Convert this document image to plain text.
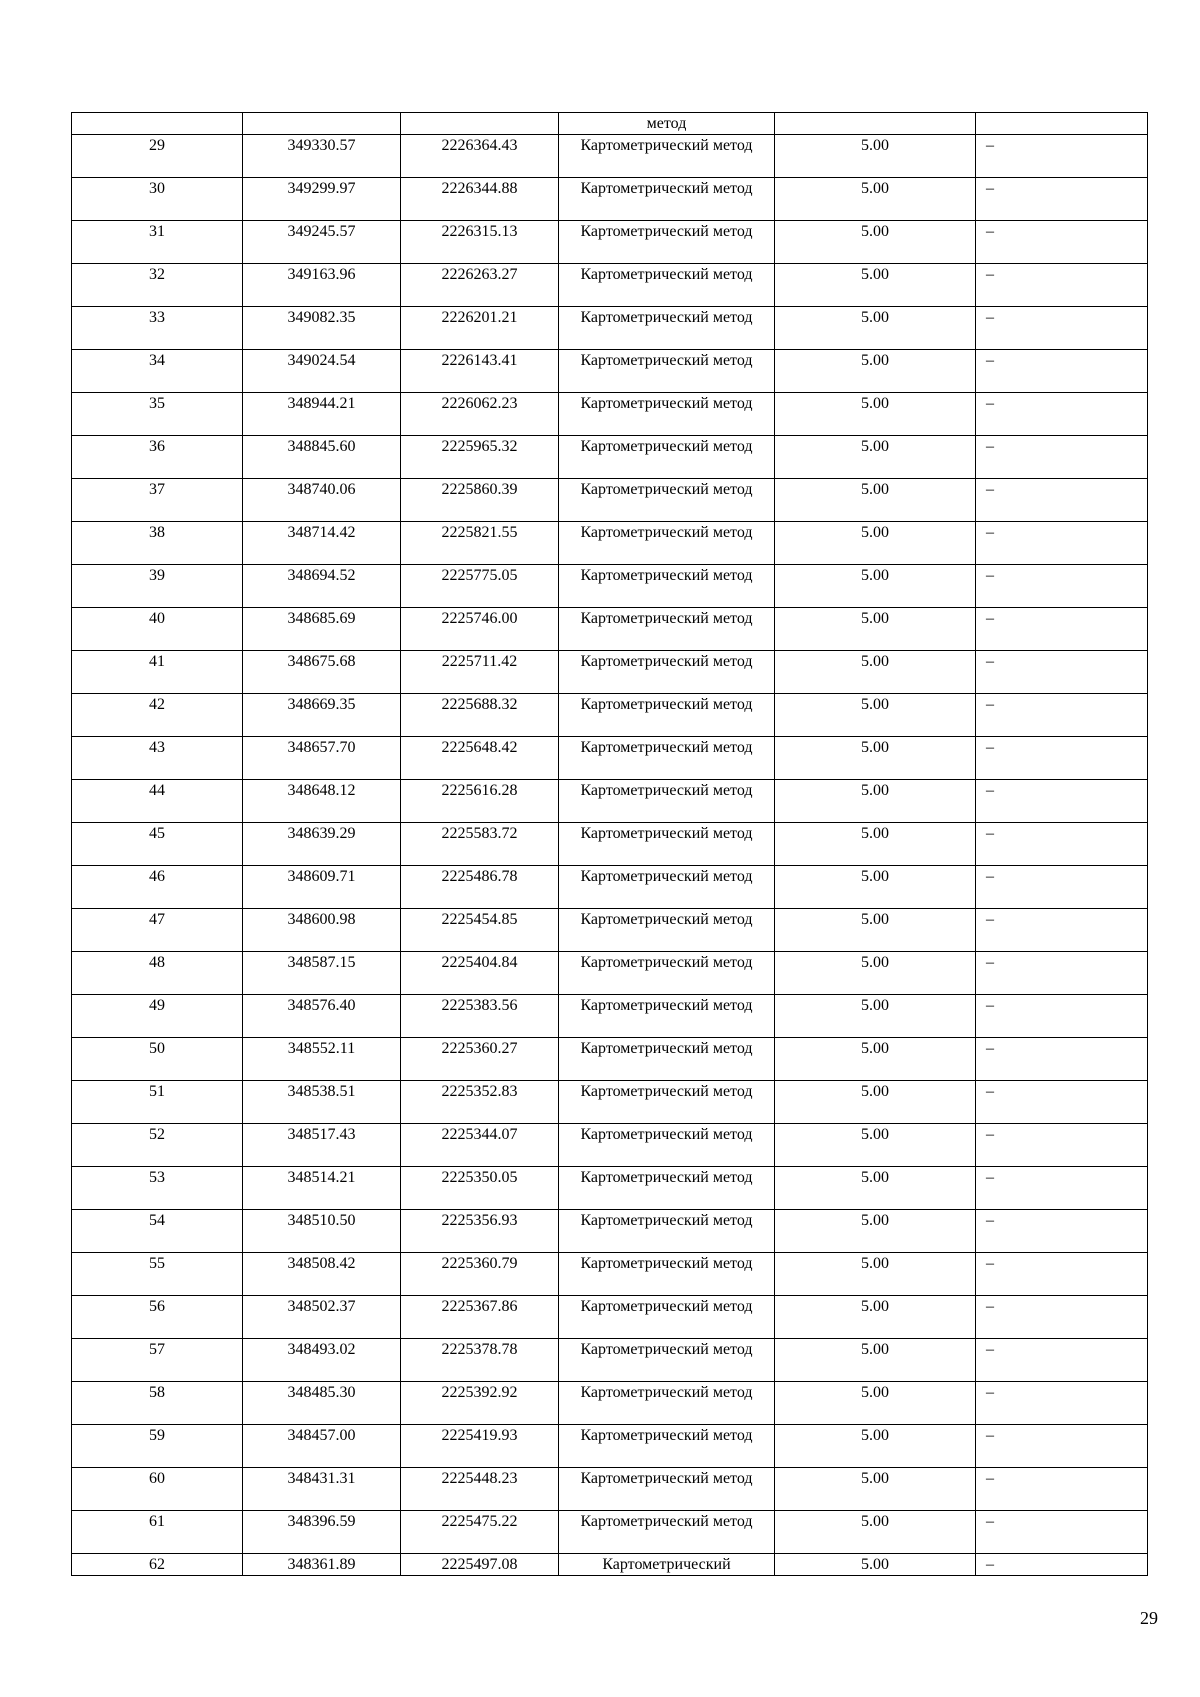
			метод		
29	349330.57	2226364.43	Картометрический метод	5.00	–
30	349299.97	2226344.88	Картометрический метод	5.00	–
31	349245.57	2226315.13	Картометрический метод	5.00	–
32	349163.96	2226263.27	Картометрический метод	5.00	–
33	349082.35	2226201.21	Картометрический метод	5.00	–
34	349024.54	2226143.41	Картометрический метод	5.00	–
35	348944.21	2226062.23	Картометрический метод	5.00	–
36	348845.60	2225965.32	Картометрический метод	5.00	–
37	348740.06	2225860.39	Картометрический метод	5.00	–
38	348714.42	2225821.55	Картометрический метод	5.00	–
39	348694.52	2225775.05	Картометрический метод	5.00	–
40	348685.69	2225746.00	Картометрический метод	5.00	–
41	348675.68	2225711.42	Картометрический метод	5.00	–
42	348669.35	2225688.32	Картометрический метод	5.00	–
43	348657.70	2225648.42	Картометрический метод	5.00	–
44	348648.12	2225616.28	Картометрический метод	5.00	–
45	348639.29	2225583.72	Картометрический метод	5.00	–
46	348609.71	2225486.78	Картометрический метод	5.00	–
47	348600.98	2225454.85	Картометрический метод	5.00	–
48	348587.15	2225404.84	Картометрический метод	5.00	–
49	348576.40	2225383.56	Картометрический метод	5.00	–
50	348552.11	2225360.27	Картометрический метод	5.00	–
51	348538.51	2225352.83	Картометрический метод	5.00	–
52	348517.43	2225344.07	Картометрический метод	5.00	–
53	348514.21	2225350.05	Картометрический метод	5.00	–
54	348510.50	2225356.93	Картометрический метод	5.00	–
55	348508.42	2225360.79	Картометрический метод	5.00	–
56	348502.37	2225367.86	Картометрический метод	5.00	–
57	348493.02	2225378.78	Картометрический метод	5.00	–
58	348485.30	2225392.92	Картометрический метод	5.00	–
59	348457.00	2225419.93	Картометрический метод	5.00	–
60	348431.31	2225448.23	Картометрический метод	5.00	–
61	348396.59	2225475.22	Картометрический метод	5.00	–
62	348361.89	2225497.08	Картометрический	5.00	–
29
